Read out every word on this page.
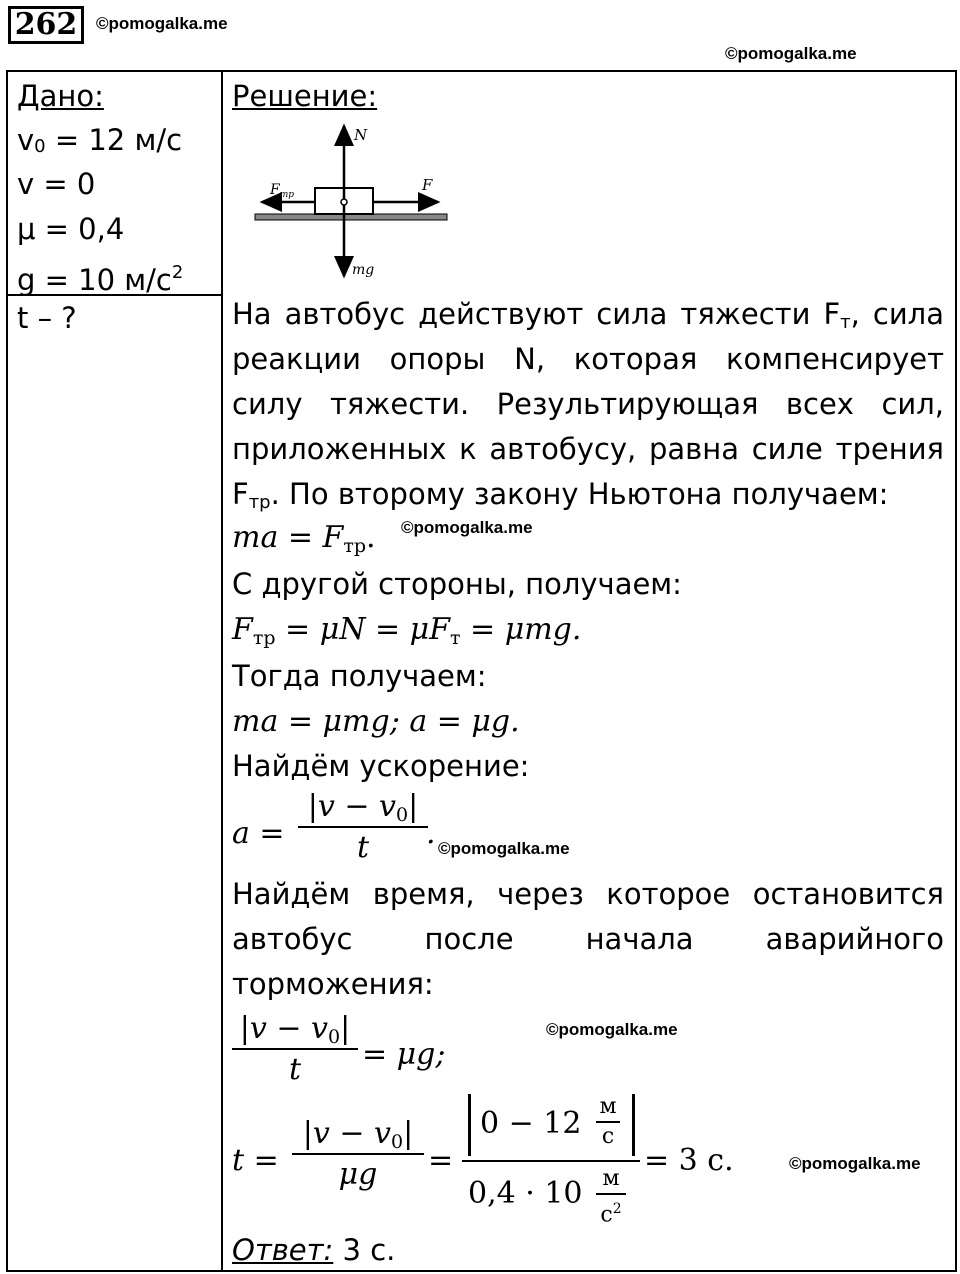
262	©pomogalka.me
©pomogalka.me
Дано:
$v_0 = 12$ м/с
v = 0
μ = 0,4
g = 10 $м/с^2$
t – ?
Решение:
N
F
$F_{тр}$
mg
На автобус действуют сила тяжести $F_т$, сила реакции опоры N, которая компенсирует силу тяжести. Результирующая всех сил, приложенных к автобусу, равна силе трения $F_{тр}$. По второму закону Ньютона получаем:
ma = $F_{тр}$. ©pomogalka.me
С другой стороны, получаем:
$F_{тр} = \mu N = \mu F_т = \mu mg$.
Тогда получаем:
ma = μmg; a = μg.
Найдём ускорение:
a =
$|v - v_0|$
t	. ©pomogalka.me
Найдём время, через которое остановится автобус после начала аварийного торможения:
$|v - v_0|$
t	= μg;
©pomogalka.me
t =
$|v - v_0|$
μg	=
0 − 12 м
с
0,4 · 10 м
$с^2$
= 3 с.	©pomogalka.me
Ответ: 3 с.
